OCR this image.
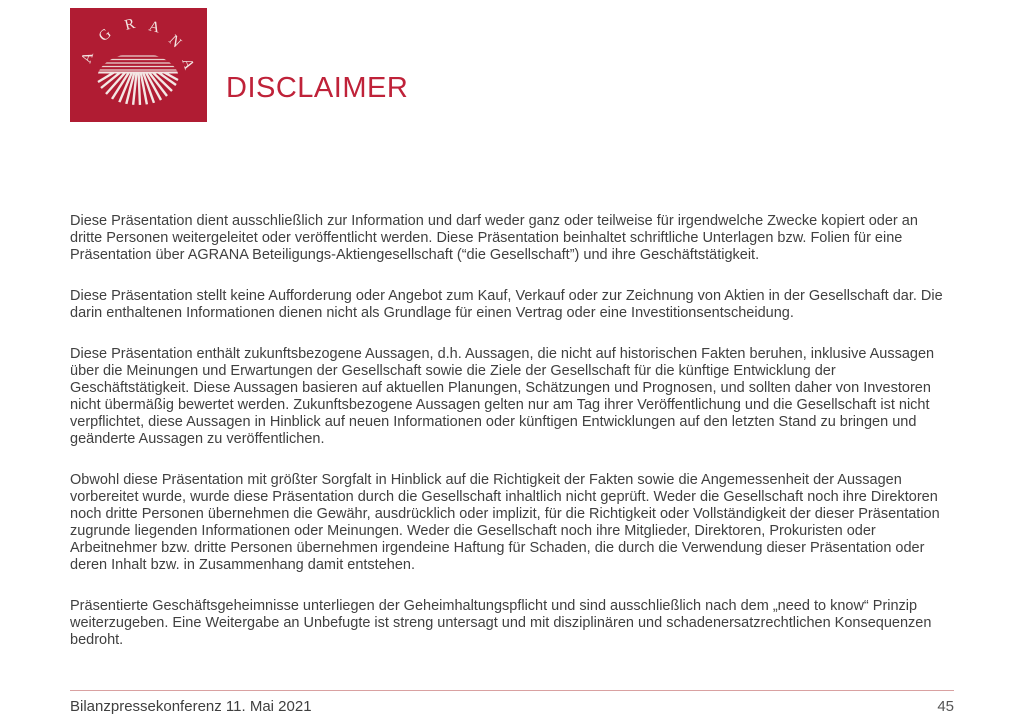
A
G
R A
N
A
DISCLAIMER

Diese Präsentation dient ausschließlich zur Information und darf weder ganz oder teilweise für irgendwelche Zwecke kopiert oder an dritte Personen weitergeleitet oder veröffentlicht werden. Diese Präsentation beinhaltet schriftliche Unterlagen bzw. Folien für eine Präsentation über AGRANA Beteiligungs-Aktiengesellschaft (“die Gesellschaft”) und ihre Geschäftstätigkeit.

Diese Präsentation stellt keine Aufforderung oder Angebot zum Kauf, Verkauf oder zur Zeichnung von Aktien in der Gesellschaft dar. Die darin enthaltenen Informationen dienen nicht als Grundlage für einen Vertrag oder eine Investitionsentscheidung.

Diese Präsentation enthält zukunftsbezogene Aussagen, d.h. Aussagen, die nicht auf historischen Fakten beruhen, inklusive Aussagen über die Meinungen und Erwartungen der Gesellschaft sowie die Ziele der Gesellschaft für die künftige Entwicklung der Geschäftstätigkeit. Diese Aussagen basieren auf aktuellen Planungen, Schätzungen und Prognosen, und sollten daher von Investoren nicht übermäßig bewertet werden. Zukunftsbezogene Aussagen gelten nur am Tag ihrer Veröffentlichung und die Gesellschaft ist nicht verpflichtet, diese Aussagen in Hinblick auf neuen Informationen oder künftigen Entwicklungen auf den letzten Stand zu bringen und geänderte Aussagen zu veröffentlichen.

Obwohl diese Präsentation mit größter Sorgfalt in Hinblick auf die Richtigkeit der Fakten sowie die Angemessenheit der Aussagen vorbereitet wurde, wurde diese Präsentation durch die Gesellschaft inhaltlich nicht geprüft. Weder die Gesellschaft noch ihre Direktoren noch dritte Personen übernehmen die Gewähr, ausdrücklich oder implizit, für die Richtigkeit oder Vollständigkeit der dieser Präsentation zugrunde liegenden Informationen oder Meinungen. Weder die Gesellschaft noch ihre Mitglieder, Direktoren, Prokuristen oder Arbeitnehmer bzw. dritte Personen übernehmen irgendeine Haftung für Schaden, die durch die Verwendung dieser Präsentation oder deren Inhalt bzw. in Zusammenhang damit entstehen.

Präsentierte Geschäftsgeheimnisse unterliegen der Geheimhaltungspflicht und sind ausschließlich nach dem „need to know“ Prinzip weiterzugeben. Eine Weitergabe an Unbefugte ist streng untersagt und mit disziplinären und schadenersatzrechtlichen Konsequenzen bedroht.

Bilanzpressekonferenz 11. Mai 2021	45
